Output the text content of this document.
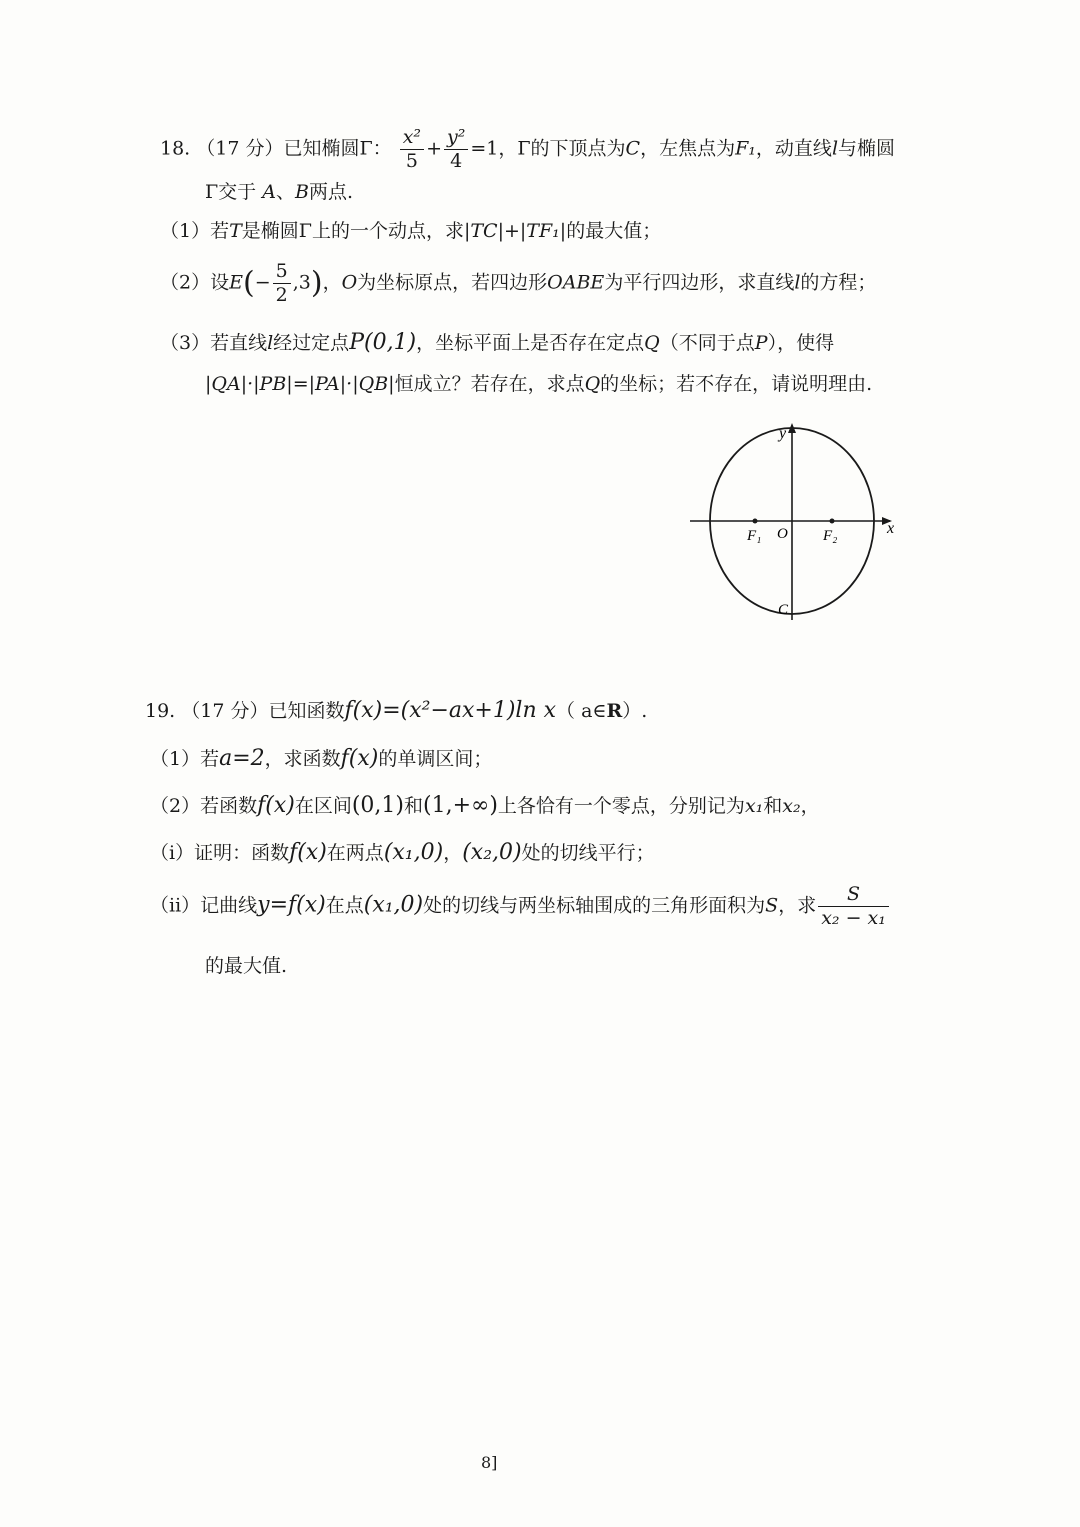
18. （17 分）已知椭圆Γ： $\frac{\text{x²}}{5} + \frac{\text{y²}}{4} =1$，Γ的下顶点为C，左焦点为F₁，动直线l与椭圆
Γ交于 A、B两点.
（1）若T是椭圆Γ上的一个动点，求|TC|+|TF₁|的最大值；
（2）设$E(- \frac{5}{2} ,3)$，O为坐标原点，若四边形OABE为平行四边形，求直线l的方程；
（3）若直线l经过定点P(0,1)，坐标平面上是否存在定点Q（不同于点P），使得
|QA|·|PB|=|PA|·|QB|恒成立？若存在，求点Q的坐标；若不存在，请说明理由.
y
x
F₁ O F₂
C
19. （17 分）已知函数f(x)=(x²−ax+1)ln x（ a∈R）.
（1）若a=2，求函数f(x)的单调区间；
（2）若函数f(x)在区间(0,1)和(1,+∞)上各恰有一个零点，分别记为x₁和x₂，
（ⅰ）证明：函数f(x)在两点(x₁,0)，(x₂,0)处的切线平行；
（ⅱ）记曲线y=f(x)在点(x₁,0)处的切线与两坐标轴围成的三角形面积为S，求 $\frac{S}{\text{x₂ − x₁}}$
的最大值.
8]
